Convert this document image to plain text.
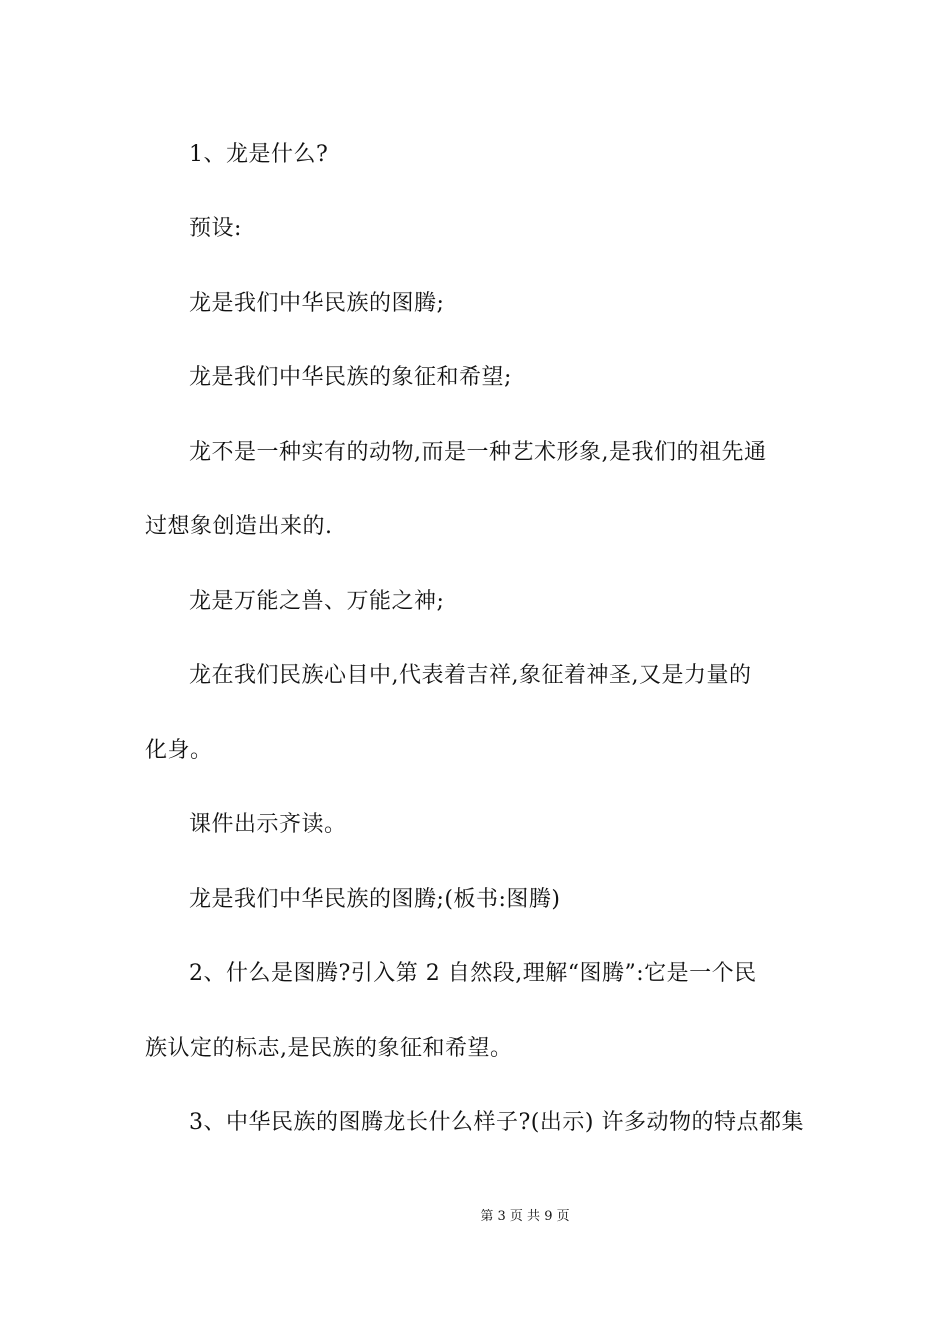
1、龙是什么?
预设:
龙是我们中华民族的图腾;
龙是我们中华民族的象征和希望;
龙不是一种实有的动物,而是一种艺术形象,是我们的祖先通
过想象创造出来的.
龙是万能之兽、万能之神;
龙在我们民族心目中,代表着吉祥,象征着神圣,又是力量的
化身。
课件出示齐读。
龙是我们中华民族的图腾;(板书:图腾)
2、什么是图腾?引入第 2 自然段,理解“图腾”:它是一个民
族认定的标志,是民族的象征和希望。
3、中华民族的图腾龙长什么样子?(出示) 许多动物的特点都集
第 3 页 共 9 页
